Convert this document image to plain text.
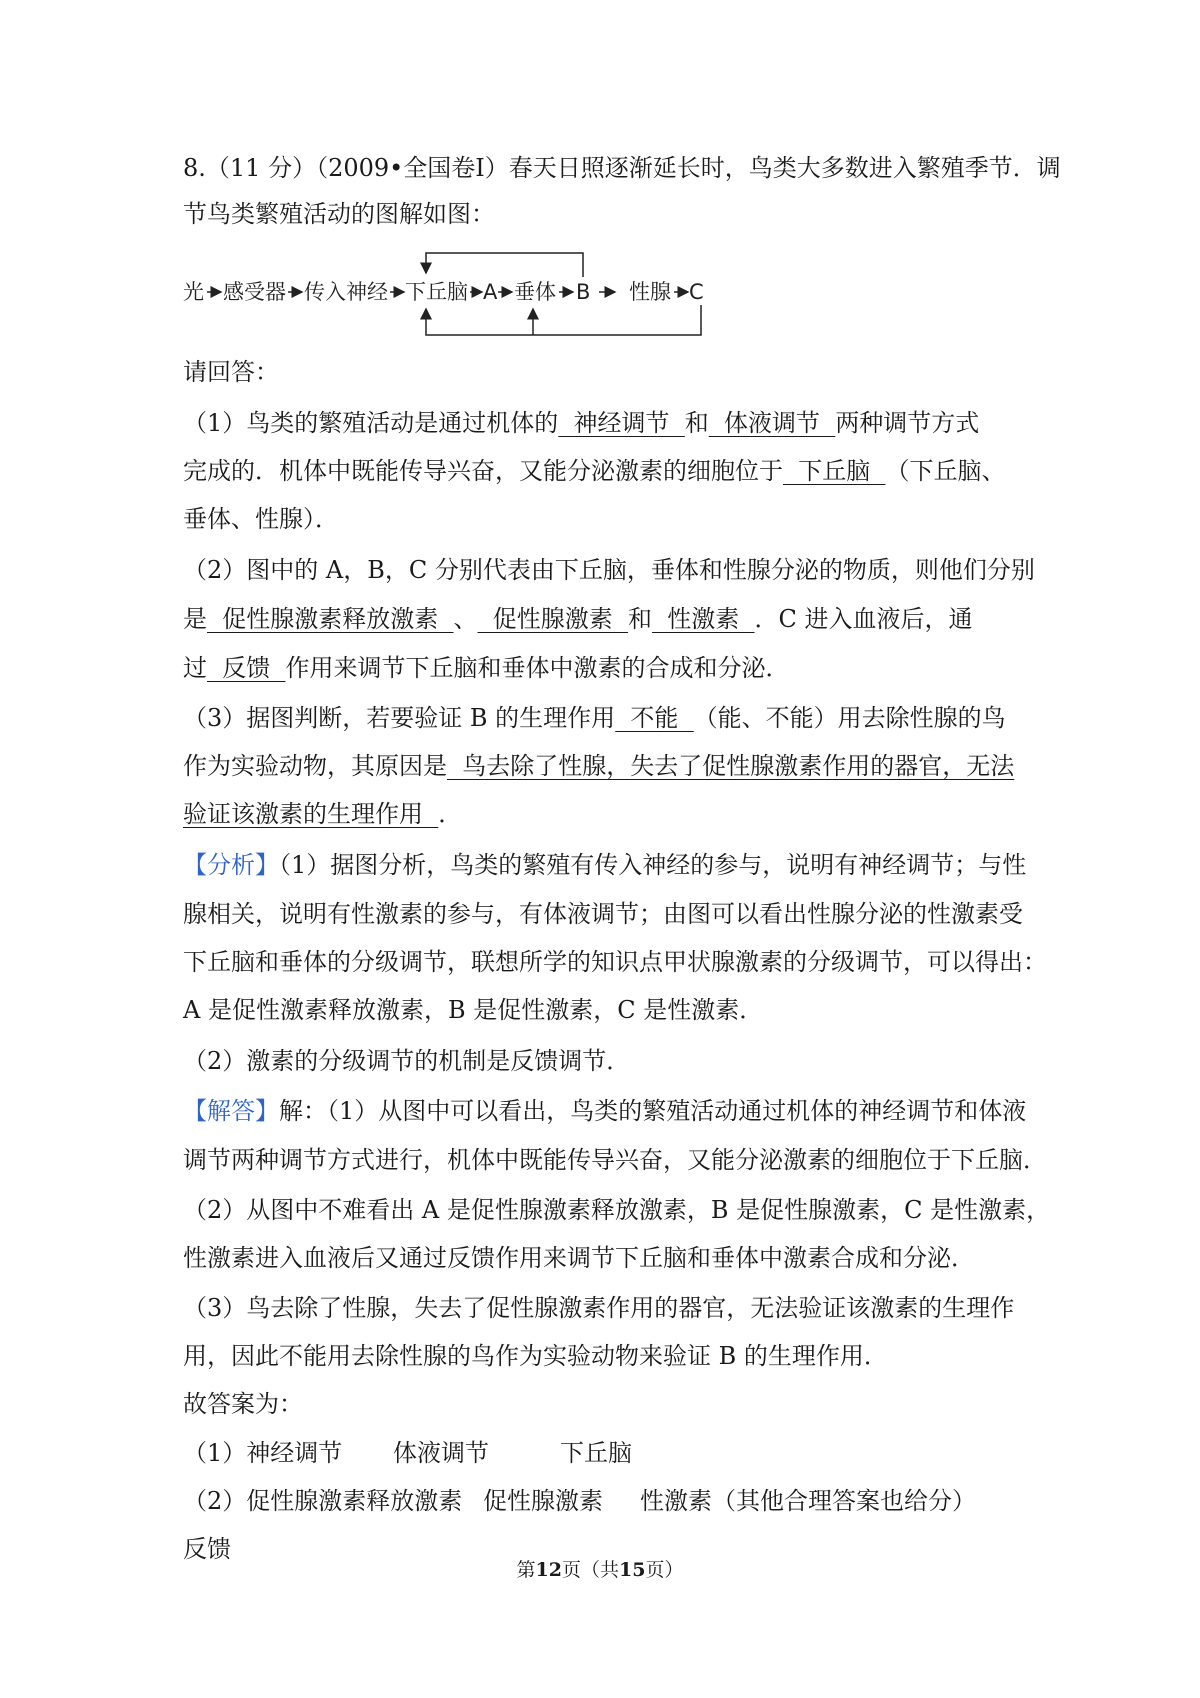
8.（11 分）（2009•全国卷Ⅰ）春天日照逐渐延长时，鸟类大多数进入繁殖季节．调
节鸟类繁殖活动的图解如图：
光 感受器 传入神经 下丘脑 A 垂体 B 性腺 C
请回答：
（1）鸟类的繁殖活动是通过机体的  神经调节  和  体液调节  两种调节方式
完成的．机体中既能传导兴奋，又能分泌激素的细胞位于  下丘脑  （下丘脑、
垂体、性腺）．
（2）图中的 A，B，C 分别代表由下丘脑，垂体和性腺分泌的物质，则他们分别
是  促性腺激素释放激素  、  促性腺激素  和  性激素  ．C 进入血液后，通
过  反馈  作用来调节下丘脑和垂体中激素的合成和分泌．
（3）据图判断，若要验证 B 的生理作用  不能  （能、不能）用去除性腺的鸟
作为实验动物，其原因是  鸟去除了性腺，失去了促性腺激素作用的器官，无法
验证该激素的生理作用  ．
【分析】（1）据图分析，鸟类的繁殖有传入神经的参与，说明有神经调节；与性
腺相关，说明有性激素的参与，有体液调节；由图可以看出性腺分泌的性激素受
下丘脑和垂体的分级调节，联想所学的知识点甲状腺激素的分级调节，可以得出：
A 是促性激素释放激素，B 是促性激素，C 是性激素．
（2）激素的分级调节的机制是反馈调节．
【解答】解：（1）从图中可以看出，鸟类的繁殖活动通过机体的神经调节和体液
调节两种调节方式进行，机体中既能传导兴奋，又能分泌激素的细胞位于下丘脑．
（2）从图中不难看出 A 是促性腺激素释放激素，B 是促性腺激素，C 是性激素，
性激素进入血液后又通过反馈作用来调节下丘脑和垂体中激素合成和分泌．
（3）鸟去除了性腺，失去了促性腺激素作用的器官，无法验证该激素的生理作
用，因此不能用去除性腺的鸟作为实验动物来验证 B 的生理作用．
故答案为：
（1）神经调节 体液调节	下丘脑
（2）促性腺激素释放激素 促性腺激素 性激素（其他合理答案也给分）
反馈
第12页（共15页）
